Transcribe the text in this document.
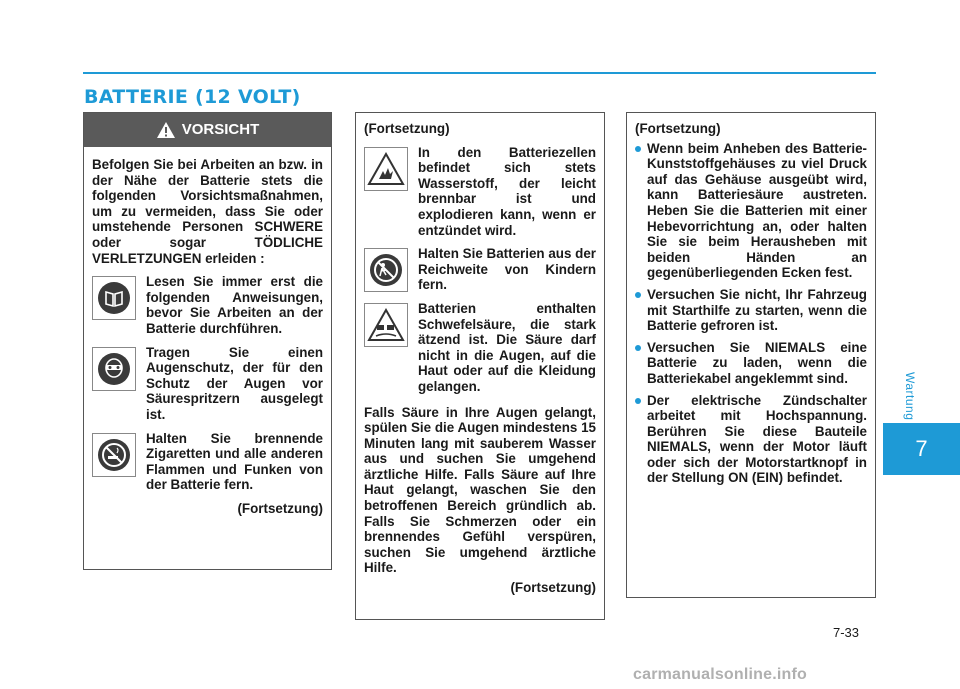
BATTERIE (12 VOLT)
Wartung
7
7-33
VORSICHT

Befolgen Sie bei Arbeiten an bzw. in der Nähe der Batterie stets die folgenden Vorsichtsmaßnahmen, um zu vermeiden, dass Sie oder umstehende Personen SCHWERE oder sogar TÖDLICHE VERLETZUNGEN erleiden :

Lesen Sie immer erst die folgenden Anweisungen, bevor Sie Arbeiten an der Batterie durchführen.

Tragen Sie einen Augenschutz, der für den Schutz der Augen vor Säurespritzern ausgelegt ist.

Halten Sie brennende Zigaretten und alle anderen Flammen und Funken von der Batterie fern.

(Fortsetzung)

(Fortsetzung)

In den Batteriezellen befindet sich stets Wasserstoff, der leicht brennbar ist und explodieren kann, wenn er entzündet wird.

Halten Sie Batterien aus der Reichweite von Kindern fern.

Batterien enthalten Schwefelsäure, die stark ätzend ist. Die Säure darf nicht in die Augen, auf die Haut oder auf die Kleidung gelangen.

Falls Säure in Ihre Augen gelangt, spülen Sie die Augen mindestens 15 Minuten lang mit sauberem Wasser aus und suchen Sie umgehend ärztliche Hilfe. Falls Säure auf Ihre Haut gelangt, waschen Sie den betroffenen Bereich gründlich ab. Falls Sie Schmerzen oder ein brennendes Gefühl verspüren, suchen Sie umgehend ärztliche Hilfe.

(Fortsetzung)

(Fortsetzung)

Wenn beim Anheben des Batterie-Kunststoffgehäuses zu viel Druck auf das Gehäuse ausgeübt wird, kann Batteriesäure austreten. Heben Sie die Batterien mit einer Hebevorrichtung an, oder halten Sie sie beim Herausheben mit beiden Händen an gegenüberliegenden Ecken fest.
Versuchen Sie nicht, Ihr Fahrzeug mit Starthilfe zu starten, wenn die Batterie gefroren ist.
Versuchen Sie NIEMALS eine Batterie zu laden, wenn die Batteriekabel angeklemmt sind.
Der elektrische Zündschalter arbeitet mit Hochspannung. Berühren Sie diese Bauteile NIEMALS, wenn der Motor läuft oder sich der Motorstartknopf in der Stellung ON (EIN) befindet.
carmanualsonline.info
